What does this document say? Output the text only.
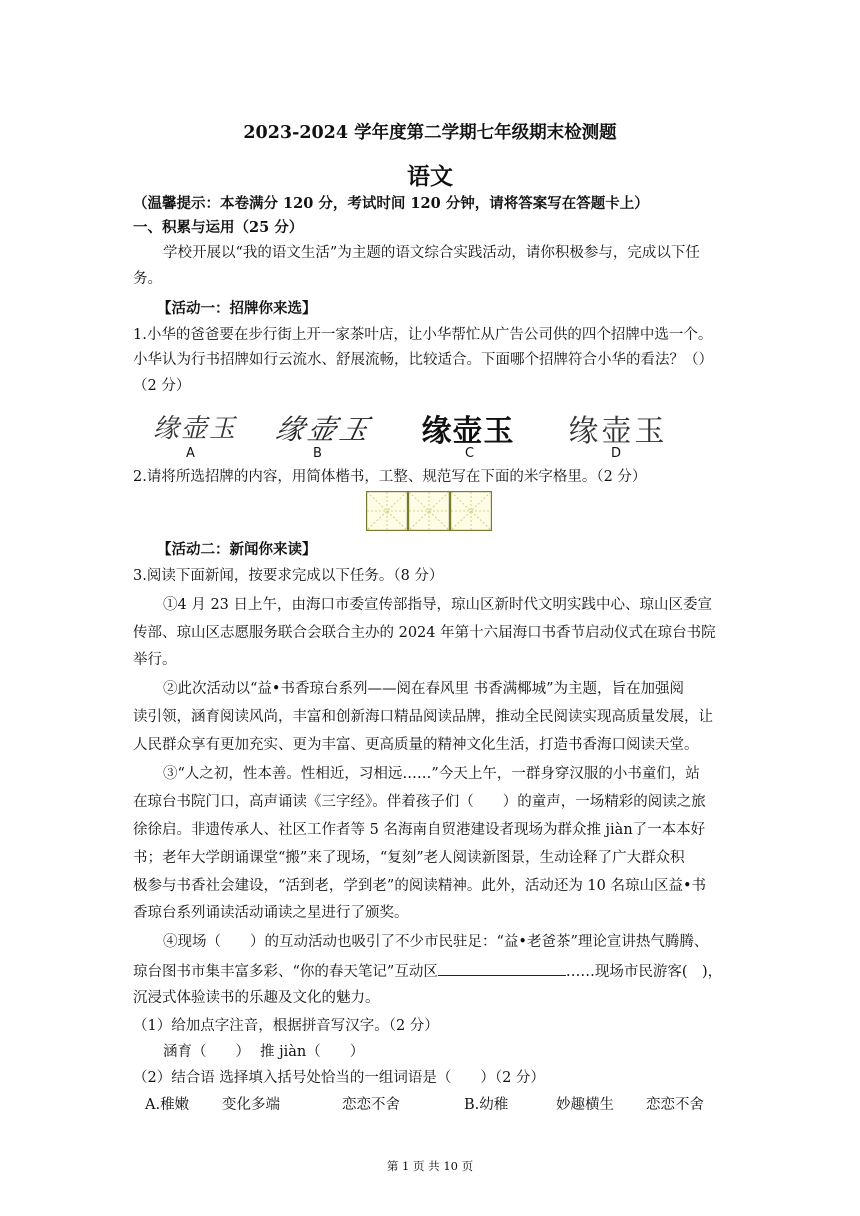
2023-2024 学年度第二学期七年级期末检测题
语文
（温馨提示：本卷满分 120 分，考试时间 120 分钟，请将答案写在答题卡上）
一、积累与运用（25 分）
学校开展以“我的语文生活”为主题的语文综合实践活动，请你积极参与，完成以下任
务。
【活动一：招牌你来选】
1.小华的爸爸要在步行街上开一家茶叶店，让小华帮忙从广告公司供的四个招牌中选一个。
小华认为行书招牌如行云流水、舒展流畅，比较适合。下面哪个招牌符合小华的看法？（）
（2 分）
缘壶玉
A
缘壶玉
B
缘壶玉
C
缘壶玉
D
2.请将所选招牌的内容，用简体楷书，工整、规范写在下面的米字格里。（2 分）
【活动二：新闻你来读】
3.阅读下面新闻，按要求完成以下任务。（8 分）
①4 月 23 日上午，由海口市委宣传部指导，琼山区新时代文明实践中心、琼山区委宣
传部、琼山区志愿服务联合会联合主办的 2024 年第十六届海口书香节启动仪式在琼台书院
举行。
②此次活动以“益•书香琼台系列——阅在春风里 书香满椰城”为主题，旨在加强阅
读引领，涵育阅读风尚，丰富和创新海口精品阅读品牌，推动全民阅读实现高质量发展，让
人民群众享有更加充实、更为丰富、更高质量的精神文化生活，打造书香海口阅读天堂。
③“人之初，性本善。性相近，习相远……”今天上午，一群身穿汉服的小书童们，站
在琼台书院门口，高声诵读《三字经》。伴着孩子们（　　）的童声，一场精彩的阅读之旅
徐徐启。非遗传承人、社区工作者等 5 名海南自贸港建设者现场为群众推 jiàn了一本本好
书；老年大学朗诵课堂“搬”来了现场，“复刻”老人阅读新图景，生动诠释了广大群众积
极参与书香社会建设，“活到老，学到老”的阅读精神。此外，活动还为 10 名琼山区益•书
香琼台系列诵读活动诵读之星进行了颁奖。
④现场（　　）的互动活动也吸引了不少市民驻足：“益•老爸茶”理论宣讲热气腾腾、
琼台图书市集丰富多彩、“你的春天笔记”互动区	……现场市民游客(　)，
沉浸式体验读书的乐趣及文化的魅力。
（1）给加点字注音，根据拼音写汉字。（2 分）
涵育（　　） 推 jiàn（　　）
（2）结合语 选择填入括号处恰当的一组词语是（　　）（2 分）
A.稚嫩 变化多端	恋恋不舍	B.幼稚	妙趣横生 恋恋不舍
第 1 页 共 10 页
